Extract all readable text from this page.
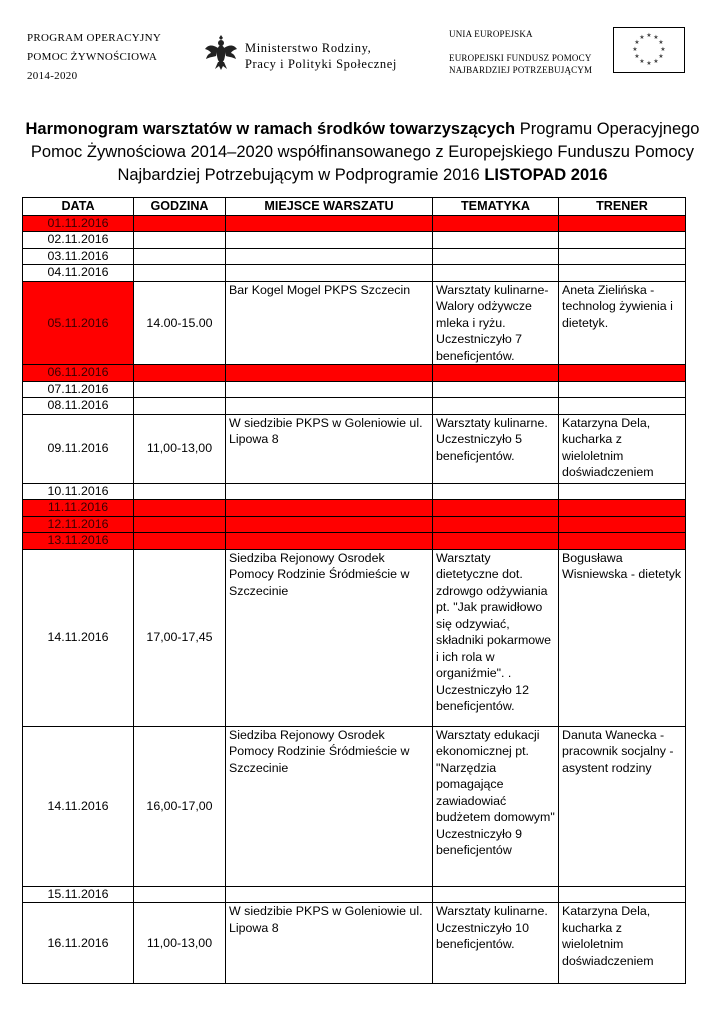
PROGRAM OPERACYJNY
POMOC ŻYWNOŚCIOWA
2014-2020
Ministerstwo Rodziny,
Pracy i Polityki Społecznej
UNIA EUROPEJSKA
EUROPEJSKI FUNDUSZ POMOCY
NAJBARDZIEJ POTRZEBUJĄCYM
★ ★
★
★
★
★
★
★
★
★
★
★
Harmonogram warsztatów w ramach środków towarzyszących Programu Operacyjnego Pomoc Żywnościowa 2014–2020 współfinansowanego z Europejskiego Funduszu Pomocy Najbardziej Potrzebującym w Podprogramie 2016 LISTOPAD 2016
DATA	GODZINA	MIEJSCE WARSZATU	TEMATYKA	TRENER
01.11.2016				
02.11.2016				
03.11.2016				
04.11.2016				
05.11.2016	14.00-15.00	Bar Kogel Mogel PKPS Szczecin	Warsztaty kulinarne- Walory odżywcze mleka i ryżu. Uczestniczyło 7 beneficjentów.	Aneta Zielińska - technolog żywienia i dietetyk.
06.11.2016				
07.11.2016				
08.11.2016				
09.11.2016	11,00-13,00	W siedzibie PKPS w Goleniowie ul. Lipowa 8	Warsztaty kulinarne. Uczestniczyło 5 beneficjentów.	Katarzyna Dela, kucharka z wieloletnim doświadczeniem
10.11.2016				
11.11.2016				
12.11.2016				
13.11.2016				
14.11.2016	17,00-17,45	Siedziba Rejonowy Osrodek Pomocy Rodzinie Śródmieście w Szczecinie	Warsztaty dietetyczne dot. zdrowgo odżywiania pt. "Jak prawidłowo się odzywiać, składniki pokarmowe i ich rola w organiźmie". . Uczestniczyło 12 beneficjentów.	Bogusława Wisniewska - dietetyk
14.11.2016	16,00-17,00	Siedziba Rejonowy Osrodek Pomocy Rodzinie Śródmieście w Szczecinie	Warsztaty edukacji ekonomicznej pt. "Narzędzia pomagające zawiadowiać budżetem domowym" Uczestniczyło 9 beneficjentów	Danuta Wanecka - pracownik socjalny - asystent rodziny
15.11.2016				
16.11.2016	11,00-13,00	W siedzibie PKPS w Goleniowie ul. Lipowa 8	Warsztaty kulinarne. Uczestniczyło 10 beneficjentów.	Katarzyna Dela, kucharka z wieloletnim doświadczeniem
